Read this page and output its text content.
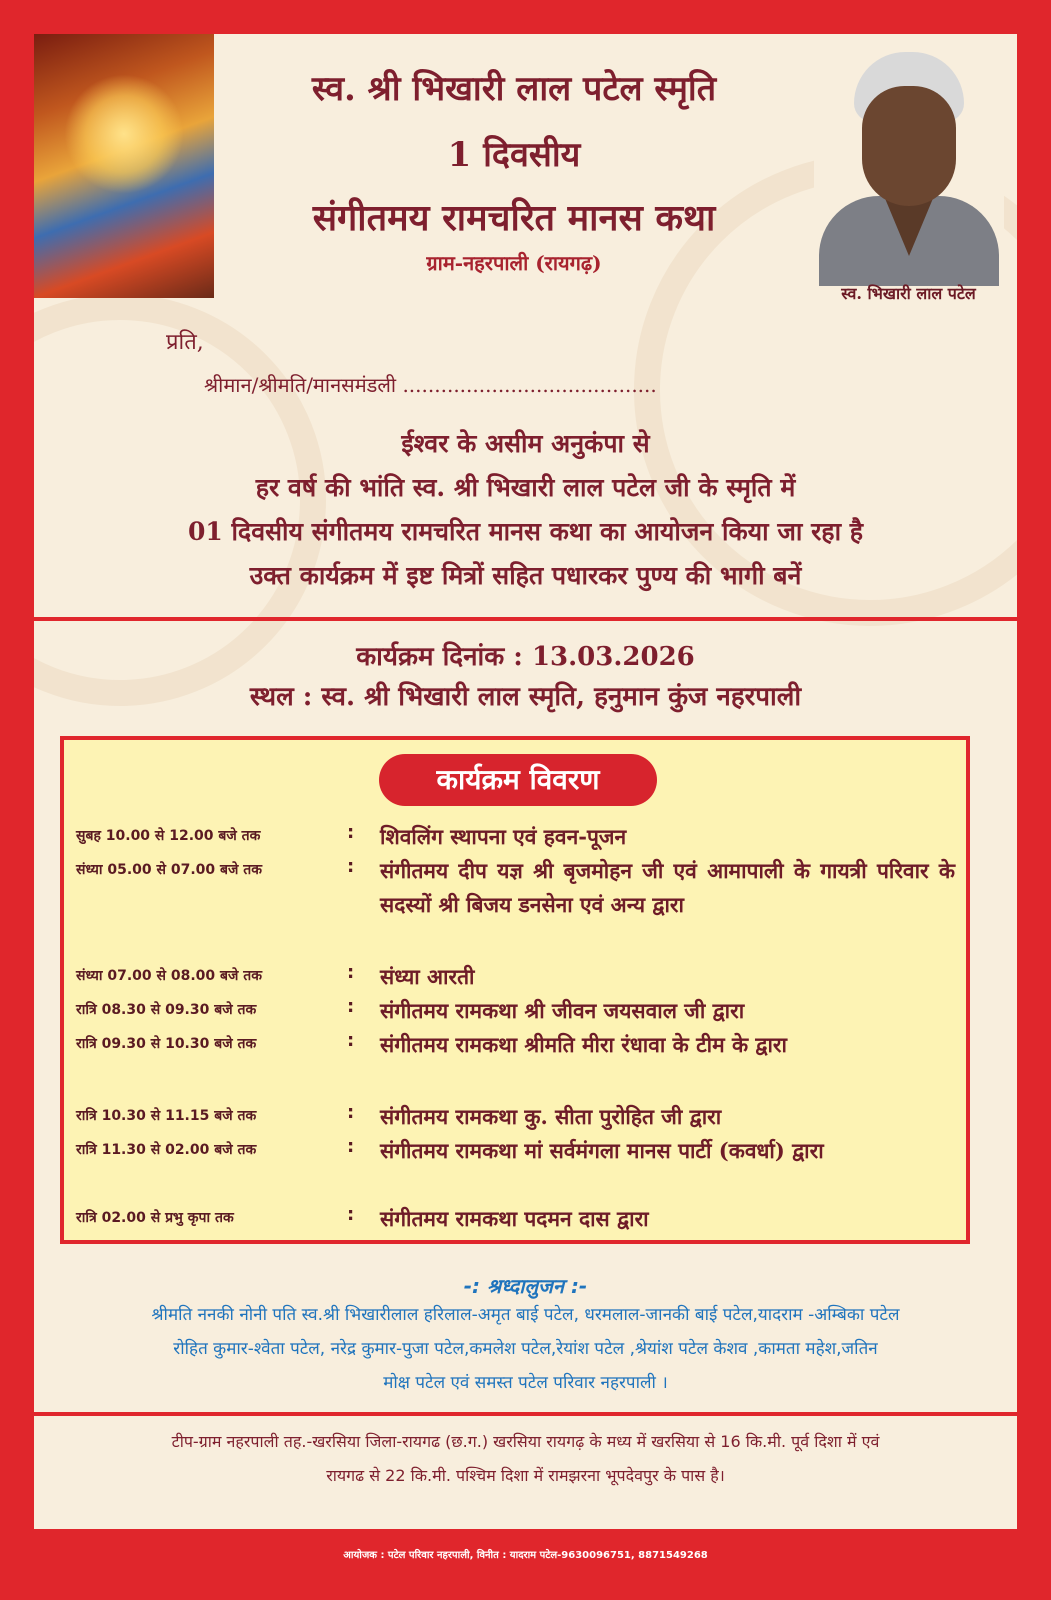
स्व. श्री भिखारी लाल पटेल स्मृति
1 दिवसीय
संगीतमय रामचरित मानस कथा
ग्राम-नहरपाली (रायगढ़)
स्व. भिखारी लाल पटेल
प्रति,
श्रीमान/श्रीमति/मानसमंडली ........................................
ईश्वर के असीम अनुकंपा से
हर वर्ष की भांति स्व. श्री भिखारी लाल पटेल जी के स्मृति में
01 दिवसीय संगीतमय रामचरित मानस कथा का आयोजन किया जा रहा है
उक्त कार्यक्रम में इष्ट मित्रों सहित पधारकर पुण्य की भागी बनें
कार्यक्रम दिनांक : 13.03.2026
स्थल : स्व. श्री भिखारी लाल स्मृति, हनुमान कुंज नहरपाली
कार्यक्रम विवरण
सुबह 10.00 से 12.00 बजे तक	: शिवलिंग स्थापना एवं हवन-पूजन
संध्या 05.00 से 07.00 बजे तक	: संगीतमय दीप यज्ञ श्री बृजमोहन जी एवं आमापाली के गायत्री परिवार के सदस्यों श्री बिजय डनसेना एवं अन्य द्वारा
संध्या 07.00 से 08.00 बजे तक	: संध्या आरती
रात्रि 08.30 से 09.30 बजे तक	: संगीतमय रामकथा श्री जीवन जयसवाल जी द्वारा
रात्रि 09.30 से 10.30 बजे तक	: संगीतमय रामकथा श्रीमति मीरा रंधावा के टीम के द्वारा
रात्रि 10.30 से 11.15 बजे तक	: संगीतमय रामकथा कु. सीता पुरोहित जी द्वारा
रात्रि 11.30 से 02.00 बजे तक	: संगीतमय रामकथा मां सर्वमंगला मानस पार्टी (कवर्धा) द्वारा
रात्रि 02.00 से प्रभु कृपा तक	: संगीतमय रामकथा पदमन दास द्वारा
-: श्रध्दालुजन :-
श्रीमति ननकी नोनी पति स्व.श्री भिखारीलाल हरिलाल-अमृत बाई पटेल, धरमलाल-जानकी बाई पटेल,यादराम -अम्बिका पटेल
रोहित कुमार-श्वेता पटेल, नरेद्र कुमार-पुजा पटेल,कमलेश पटेल,रेयांश पटेल ,श्रेयांश पटेल केशव ,कामता महेश,जतिन
मोक्ष पटेल एवं समस्त पटेल परिवार नहरपाली ।
टीप-ग्राम नहरपाली तह.-खरसिया जिला-रायगढ (छ.ग.) खरसिया रायगढ़ के मध्य में खरसिया से 16 कि.मी. पूर्व दिशा में एवं
रायगढ से 22 कि.मी. पश्चिम दिशा में रामझरना भूपदेवपुर के पास है।
आयोजक : पटेल परिवार नहरपाली, विनीत : यादराम पटेल-9630096751, 8871549268
